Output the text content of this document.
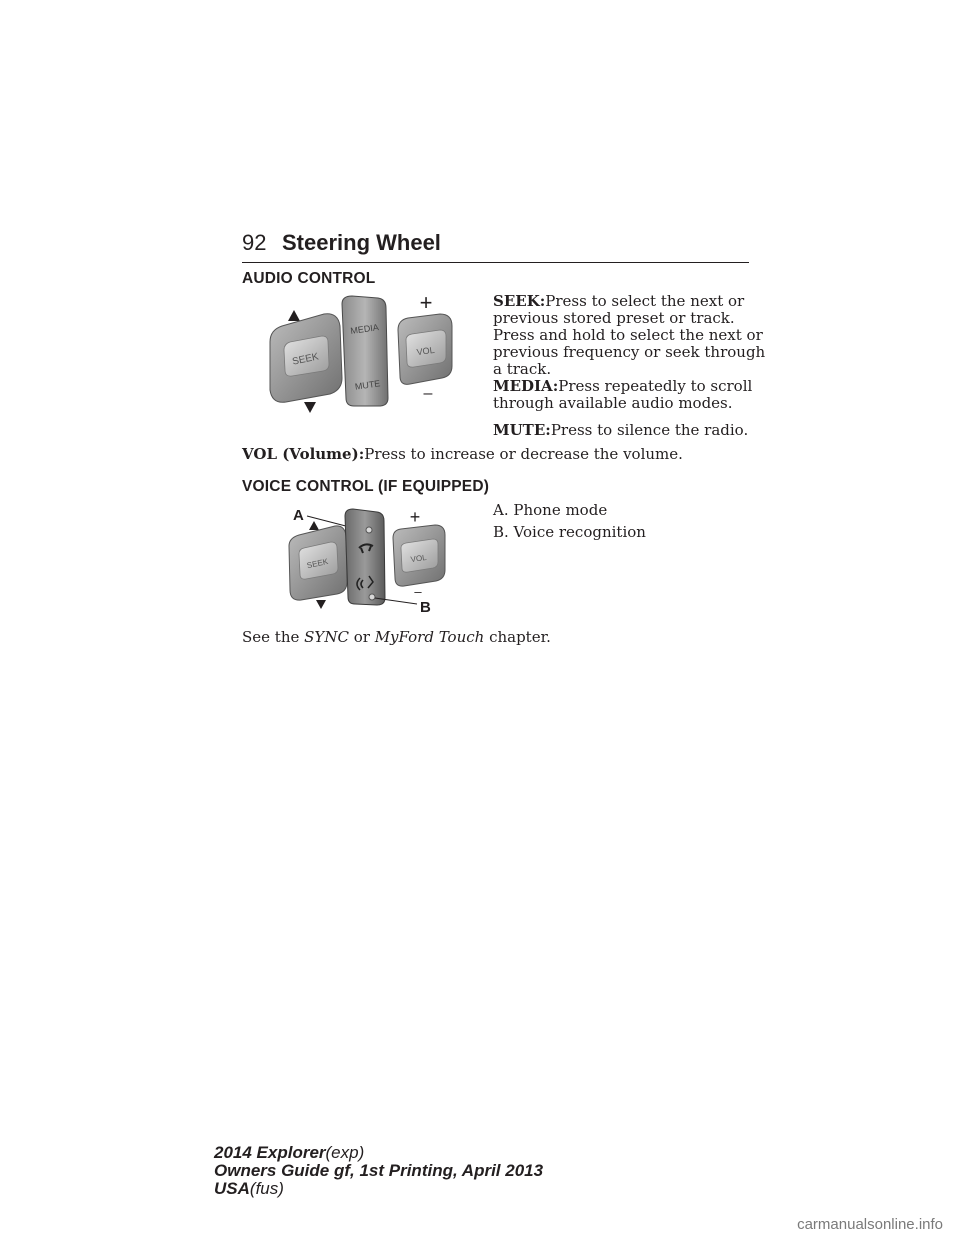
92 Steering Wheel
AUDIO CONTROL
SEEK
MEDIA
MUTE
VOL
+
–
SEEK:Press to select the next or
previous stored preset or track.
Press and hold to select the next or
previous frequency or seek through
a track.
MEDIA:Press repeatedly to scroll
through available audio modes.
MUTE:Press to silence the radio.
VOL (Volume):Press to increase or decrease the volume.
VOICE CONTROL (IF EQUIPPED)
A
SEEK	VOL
+
–
B
A. Phone mode
B. Voice recognition
See the SYNC or MyFord Touch chapter.
2014 Explorer(exp)
Owners Guide gf, 1st Printing, April 2013
USA(fus)
carmanualsonline.info
